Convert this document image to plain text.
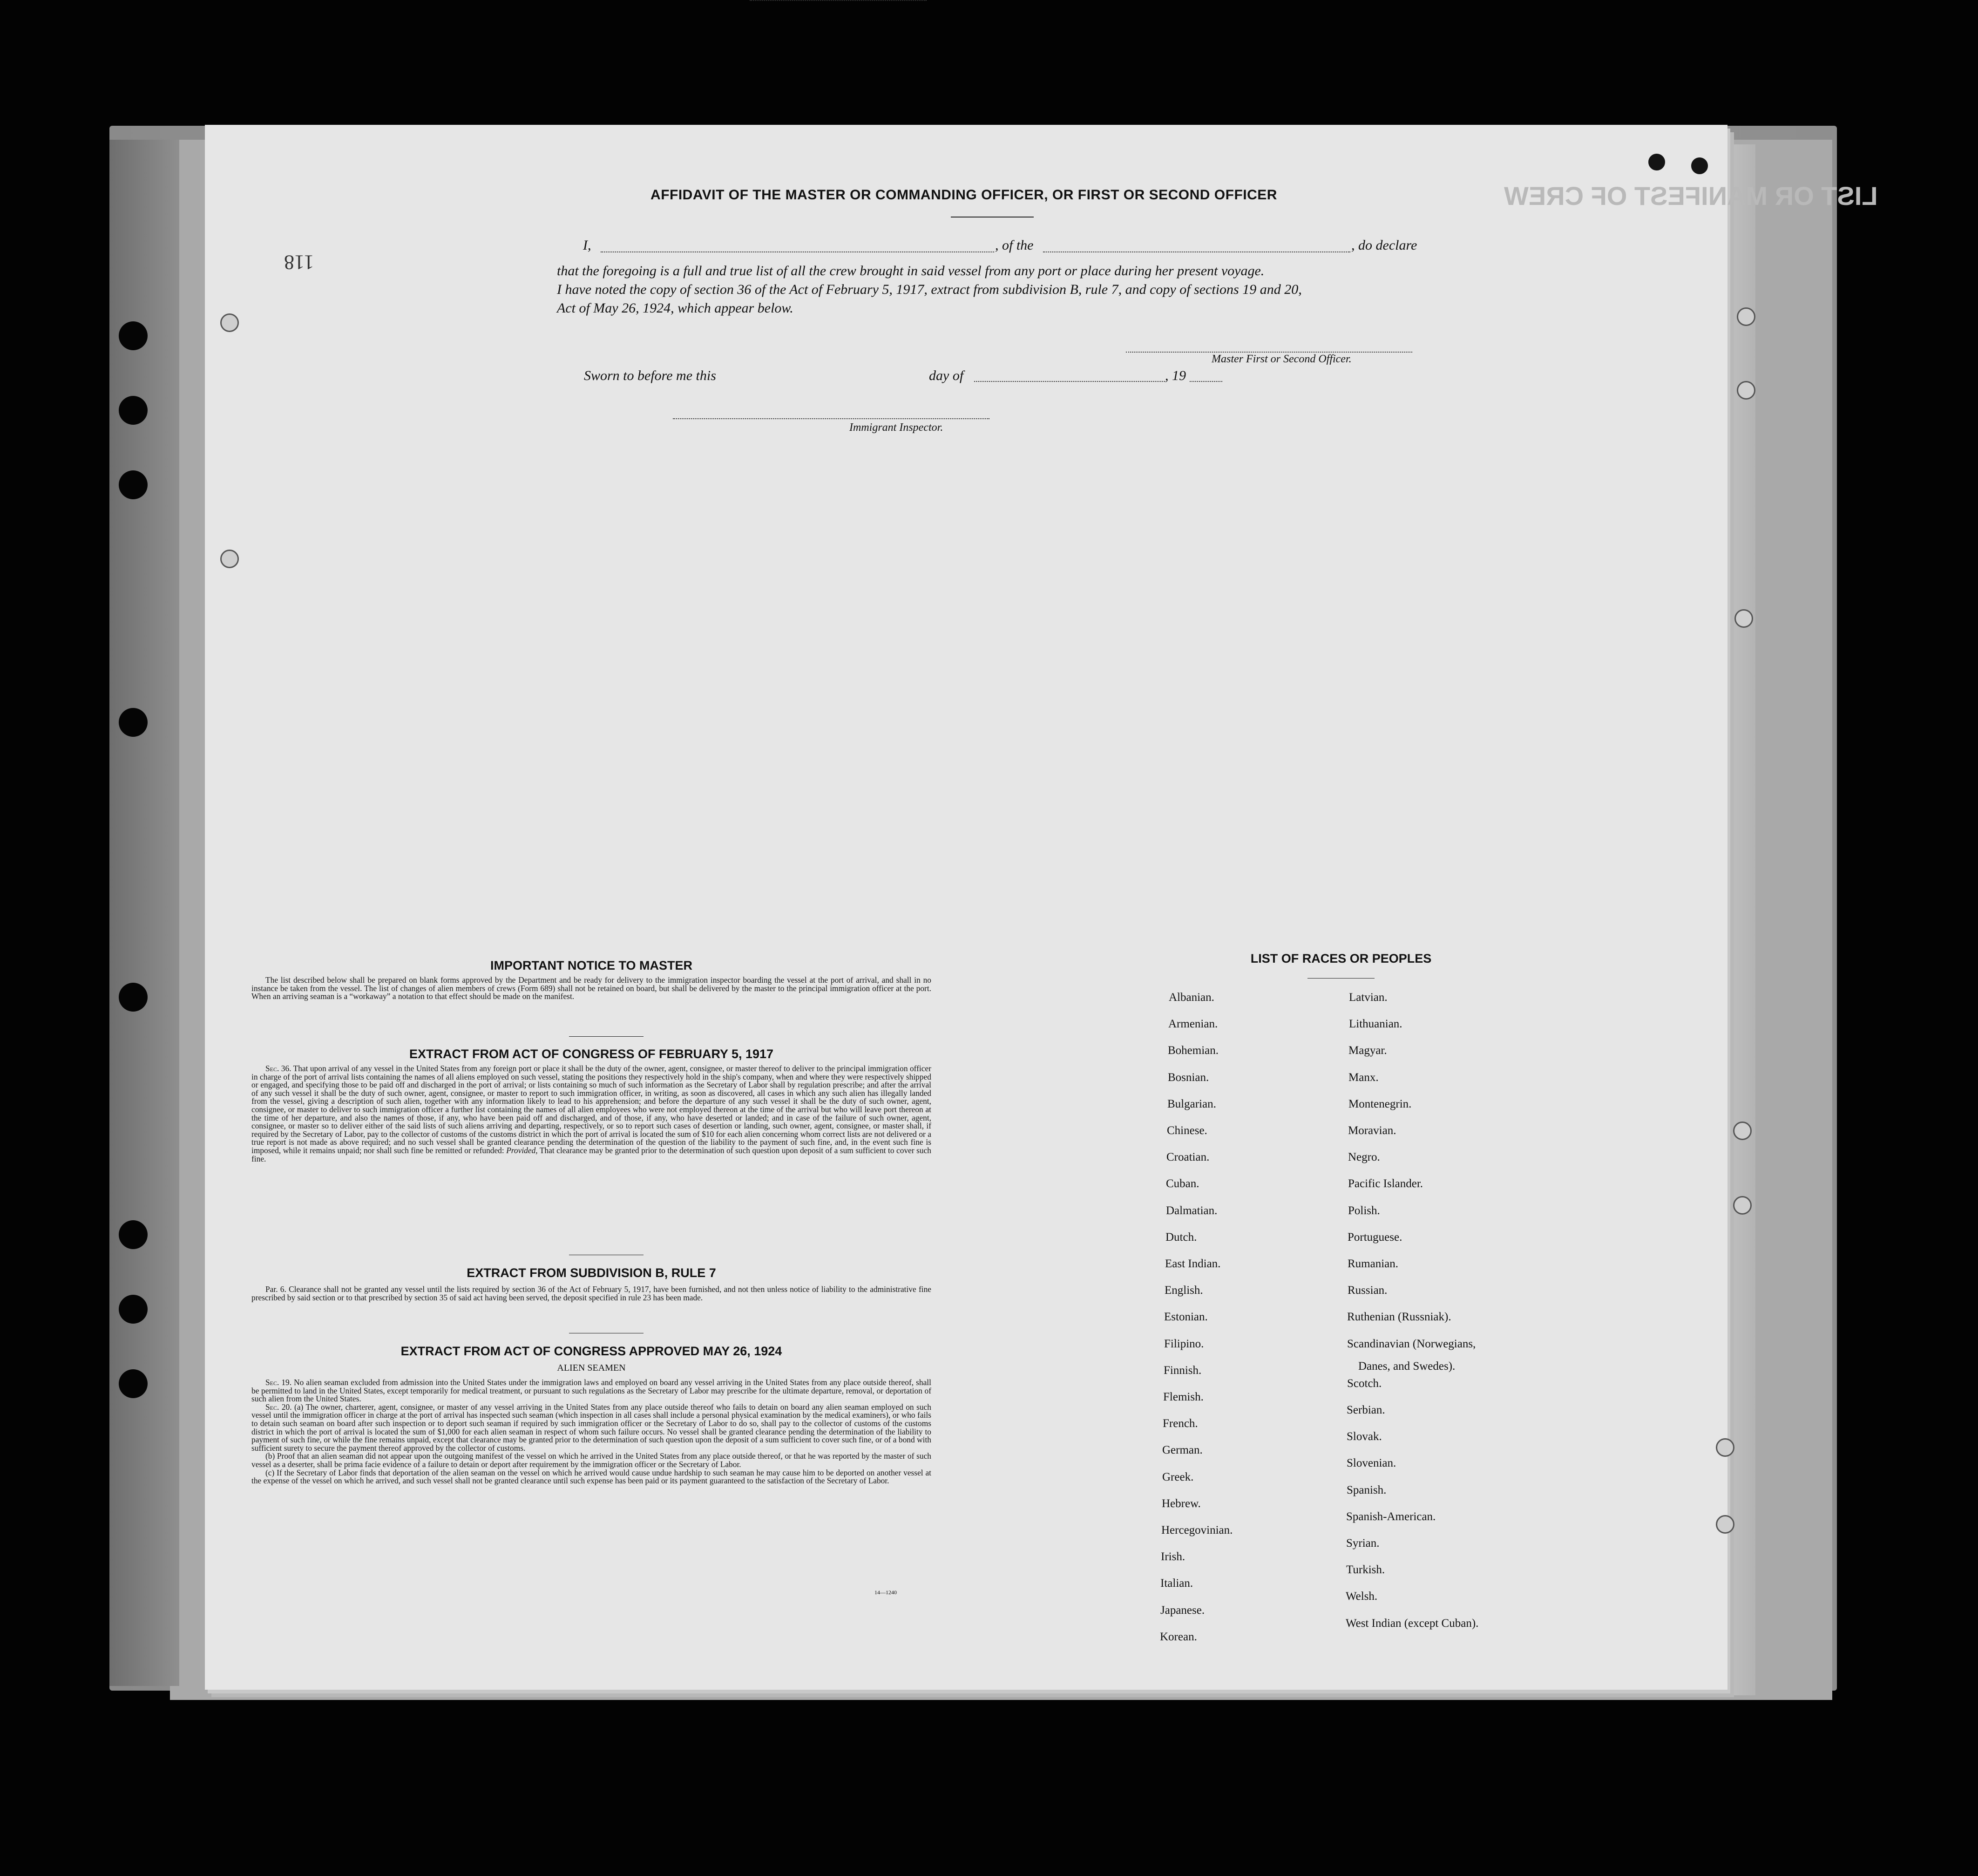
LIST OR MANIFEST OF CREW
118
AFFIDAVIT OF THE MASTER OR COMMANDING OFFICER, OR FIRST OR SECOND OFFICER
I,	, of the	, do declare
that the foregoing is a full and true list of all the crew brought in said vessel from any port or place during her present voyage.
I have noted the copy of section 36 of the Act of February 5, 1917, extract from subdivision B, rule 7, and copy of sections 19 and 20,
Act of May 26, 1924, which appear below.
Master First or Second Officer.
Sworn to before me this	day of	, 19
Immigrant Inspector.
IMPORTANT NOTICE TO MASTER

The list described below shall be prepared on blank forms approved by the Department and be ready for delivery to the immigration inspector boarding the vessel at the port of arrival, and shall in no instance be taken from the vessel. The list of changes of alien members of crews (Form 689) shall not be retained on board, but shall be delivered by the master to the principal immigration officer at the port. When an arriving seaman is a “workaway” a notation to that effect should be made on the manifest.

EXTRACT FROM ACT OF CONGRESS OF FEBRUARY 5, 1917

Sec. 36. That upon arrival of any vessel in the United States from any foreign port or place it shall be the duty of the owner, agent, consignee, or master thereof to deliver to the principal immigration officer in charge of the port of arrival lists containing the names of all aliens employed on such vessel, stating the positions they respectively hold in the ship's company, when and where they were respectively shipped or engaged, and specifying those to be paid off and discharged in the port of arrival; or lists containing so much of such information as the Secretary of Labor shall by regulation prescribe; and after the arrival of any such vessel it shall be the duty of such owner, agent, consignee, or master to report to such immigration officer, in writing, as soon as discovered, all cases in which any such alien has illegally landed from the vessel, giving a description of such alien, together with any information likely to lead to his apprehension; and before the departure of any such vessel it shall be the duty of such owner, agent, consignee, or master to deliver to such immigration officer a further list containing the names of all alien employees who were not employed thereon at the time of the arrival but who will leave port thereon at the time of her departure, and also the names of those, if any, who have been paid off and discharged, and of those, if any, who have deserted or landed; and in case of the failure of such owner, agent, consignee, or master so to deliver either of the said lists of such aliens arriving and departing, respectively, or so to report such cases of desertion or landing, such owner, agent, consignee, or master shall, if required by the Secretary of Labor, pay to the collector of customs of the customs district in which the port of arrival is located the sum of $10 for each alien concerning whom correct lists are not delivered or a true report is not made as above required; and no such vessel shall be granted clearance pending the determination of the question of the liability to the payment of such fine, and, in the event such fine is imposed, while it remains unpaid; nor shall such fine be remitted or refunded: Provided, That clearance may be granted prior to the determination of such question upon deposit of a sum sufficient to cover such fine.

EXTRACT FROM SUBDIVISION B, RULE 7

Par. 6. Clearance shall not be granted any vessel until the lists required by section 36 of the Act of February 5, 1917, have been furnished, and not then unless notice of liability to the administrative fine prescribed by said section or to that prescribed by section 35 of said act having been served, the deposit specified in rule 23 has been made.

EXTRACT FROM ACT OF CONGRESS APPROVED MAY 26, 1924
ALIEN SEAMEN

Sec. 19. No alien seaman excluded from admission into the United States under the immigration laws and employed on board any vessel arriving in the United States from any place outside thereof, shall be permitted to land in the United States, except temporarily for medical treatment, or pursuant to such regulations as the Secretary of Labor may prescribe for the ultimate departure, removal, or deportation of such alien from the United States.

Sec. 20. (a) The owner, charterer, agent, consignee, or master of any vessel arriving in the United States from any place outside thereof who fails to detain on board any alien seaman employed on such vessel until the immigration officer in charge at the port of arrival has inspected such seaman (which inspection in all cases shall include a personal physical examination by the medical examiners), or who fails to detain such seaman on board after such inspection or to deport such seaman if required by such immigration officer or the Secretary of Labor to do so, shall pay to the collector of customs of the customs district in which the port of arrival is located the sum of $1,000 for each alien seaman in respect of whom such failure occurs. No vessel shall be granted clearance pending the determination of the liability to payment of such fine, or while the fine remains unpaid, except that clearance may be granted prior to the determination of such question upon the deposit of a sum sufficient to cover such fine, or of a bond with sufficient surety to secure the payment thereof approved by the collector of customs.

(b) Proof that an alien seaman did not appear upon the outgoing manifest of the vessel on which he arrived in the United States from any place outside thereof, or that he was reported by the master of such vessel as a deserter, shall be prima facie evidence of a failure to detain or deport after requirement by the immigration officer or the Secretary of Labor.

(c) If the Secretary of Labor finds that deportation of the alien seaman on the vessel on which he arrived would cause undue hardship to such seaman he may cause him to be deported on another vessel at the expense of the vessel on which he arrived, and such vessel shall not be granted clearance until such expense has been paid or its payment guaranteed to the satisfaction of the Secretary of Labor.

14—1240
LIST OF RACES OR PEOPLES
Danes, and Swedes).
Albanian.
Armenian.
Bohemian.
Bosnian.
Bulgarian.
Chinese.
Croatian.
Cuban.
Dalmatian.
Dutch.
East Indian.
English.
Estonian.
Filipino.
Finnish.
Flemish.
French.
German.
Greek.
Hebrew.
Hercegovinian.
Irish.
Italian.
Japanese.
Korean.
Latvian.
Lithuanian.
Magyar.
Manx.
Montenegrin.
Moravian.
Negro.
Pacific Islander.
Polish.
Portuguese.
Rumanian.
Russian.
Ruthenian (Russniak).
Scandinavian (Norwegians,
Scotch.
Serbian.
Slovak.
Slovenian.
Spanish.
Spanish-American.
Syrian.
Turkish.
Welsh.
West Indian (except Cuban).
